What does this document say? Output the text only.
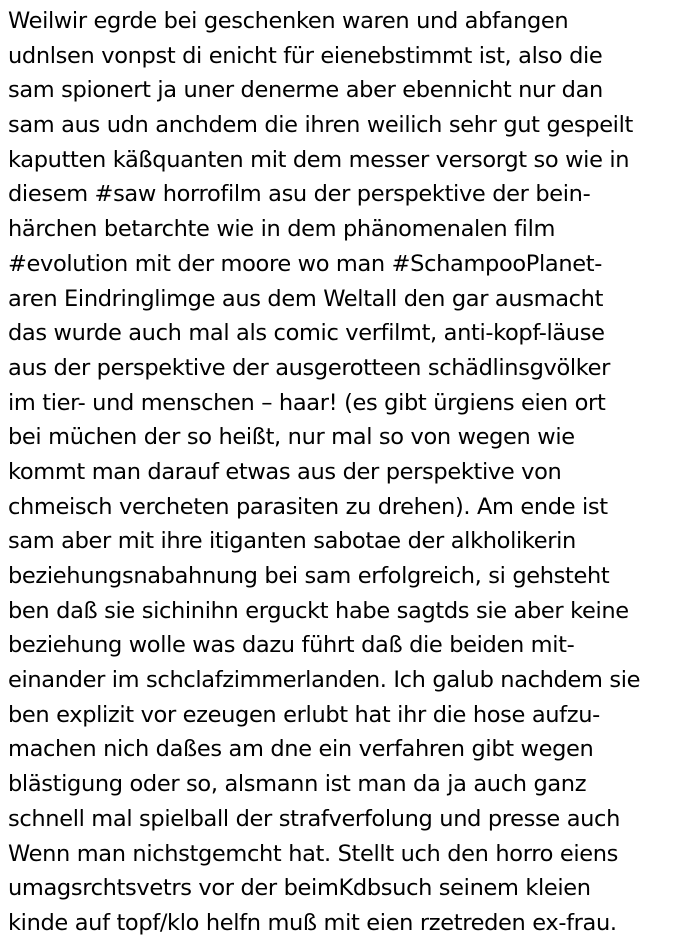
Weilwir egrde bei geschenken waren und abfangen
udnlsen vonpst di enicht für eienebstimmt ist, also die
sam spionert ja uner denerme aber ebennicht nur dan
sam aus udn anchdem die ihren weilich sehr gut gespeilt
kaputten käßquanten mit dem messer versorgt so wie in
diesem #saw horrofilm asu der perspektive der bein-
härchen betarchte wie in dem phänomenalen film
#evolution mit der moore wo man #SchampooPlanet-
aren Eindringlimge aus dem Weltall den gar ausmacht
das wurde auch mal als comic verfilmt, anti-kopf-läuse
aus der perspektive der ausgerotteen schädlinsgvölker
im tier- und menschen – haar! (es gibt ürgiens eien ort
bei müchen der so heißt, nur mal so von wegen wie
kommt man darauf etwas aus der perspektive von
chmeisch vercheten parasiten zu drehen). Am ende ist
sam aber mit ihre itiganten sabotae der alkholikerin
beziehungsnabahnung bei sam erfolgreich, si gehsteht
ben daß sie sichinihn erguckt habe sagtds sie aber keine
beziehung wolle was dazu führt daß die beiden mit-
einander im schclafzimmerlanden. Ich galub nachdem sie
ben explizit vor ezeugen erlubt hat ihr die hose aufzu-
machen nich daßes am dne ein verfahren gibt wegen
blästigung oder so, alsmann ist man da ja auch ganz
schnell mal spielball der strafverfolung und presse auch
Wenn man nichstgemcht hat. Stellt uch den horro eiens
umagsrchtsvetrs vor der beimKdbsuch seinem kleien
kinde auf topf/klo helfn muß mit eien rzetreden ex-frau.
